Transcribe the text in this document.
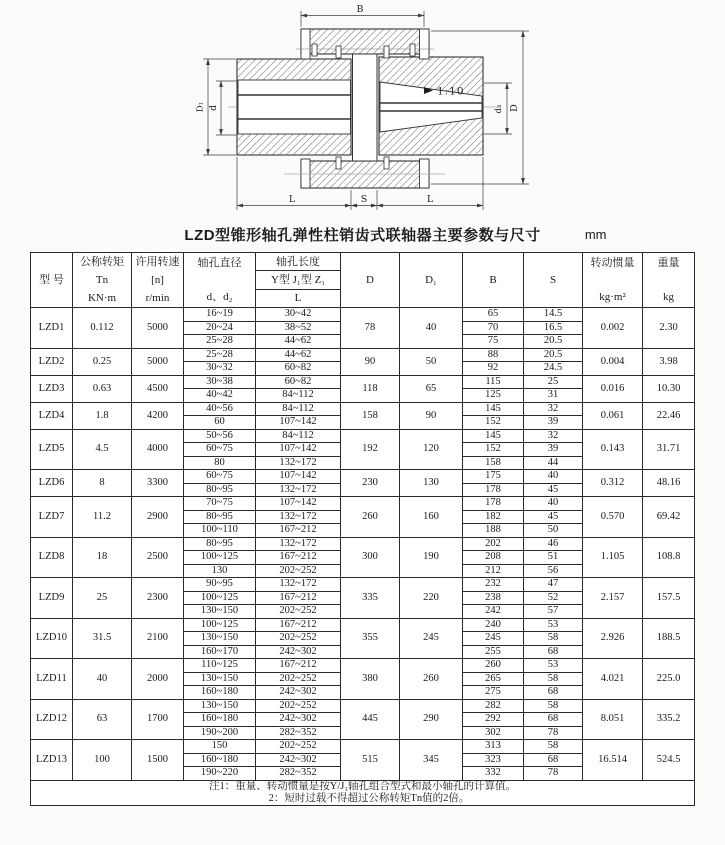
1:10
B
D
d₂
D₁ d
L	S	L
LZD型锥形轴孔弹性柱销齿式联轴器主要参数与尺寸	mm
型 号

公称转矩
Tn
KN·m

许用转速
[n]
r/min

轴孔直径
d、d₂

轴孔长度
Y型 J₁型 Z₁
L

D	D₁	B	S

转动惯量
kg·m²

重量
kg

LZD1	0.112	5000	16~19	30~42	78	40	65	14.5	0.002	2.30
			20~24	38~52			70	16.5		
			25~28	44~62			75	20.5		
LZD2	0.25	5000	25~28	44~62	90	50	88	20.5	0.004	3.98
			30~32	60~82			92	24.5		
LZD3	0.63	4500	30~38	60~82	118	65	115	25	0.016	10.30
			40~42	84~112			125	31		
LZD4	1.8	4200	40~56	84~112	158	90	145	32	0.061	22.46
			60	107~142			152	39		
LZD5	4.5	4000	50~56	84~112	192	120	145	32	0.143	31.71
			60~75	107~142			152	39		
			80	132~172			158	44		
LZD6	8	3300	60~75	107~142	230	130	175	40	0.312	48.16
			80~95	132~172			178	45		
LZD7	11.2	2900	70~75	107~142	260	160	178	40	0.570	69.42
			80~95	132~172			182	45		
			100~110	167~212			188	50		
LZD8	18	2500	80~95	132~172	300	190	202	46	1.105	108.8
			100~125	167~212			208	51		
			130	202~252			212	56		
LZD9	25	2300	90~95	132~172	335	220	232	47	2.157	157.5
			100~125	167~212			238	52		
			130~150	202~252			242	57		
LZD10	31.5	2100	100~125	167~212	355	245	240	53	2.926	188.5
			130~150	202~252			245	58		
			160~170	242~302			255	68		
LZD11	40	2000	110~125	167~212	380	260	260	53	4.021	225.0
			130~150	202~252			265	58		
			160~180	242~302			275	68		
LZD12	63	1700	130~150	202~252	445	290	282	58	8.051	335.2
			160~180	242~302			292	68		
			190~200	282~352			302	78		
LZD13	100	1500	150	202~252	515	345	313	58	16.514	524.5
			160~180	242~302			323	68		
			190~220	282~352			332	78		

注1：重量、转动惯量是按Y/J₁轴孔组合型式和最小轴孔的计算值。
2：短时过载不得超过公称转矩Tn值的2倍。										
